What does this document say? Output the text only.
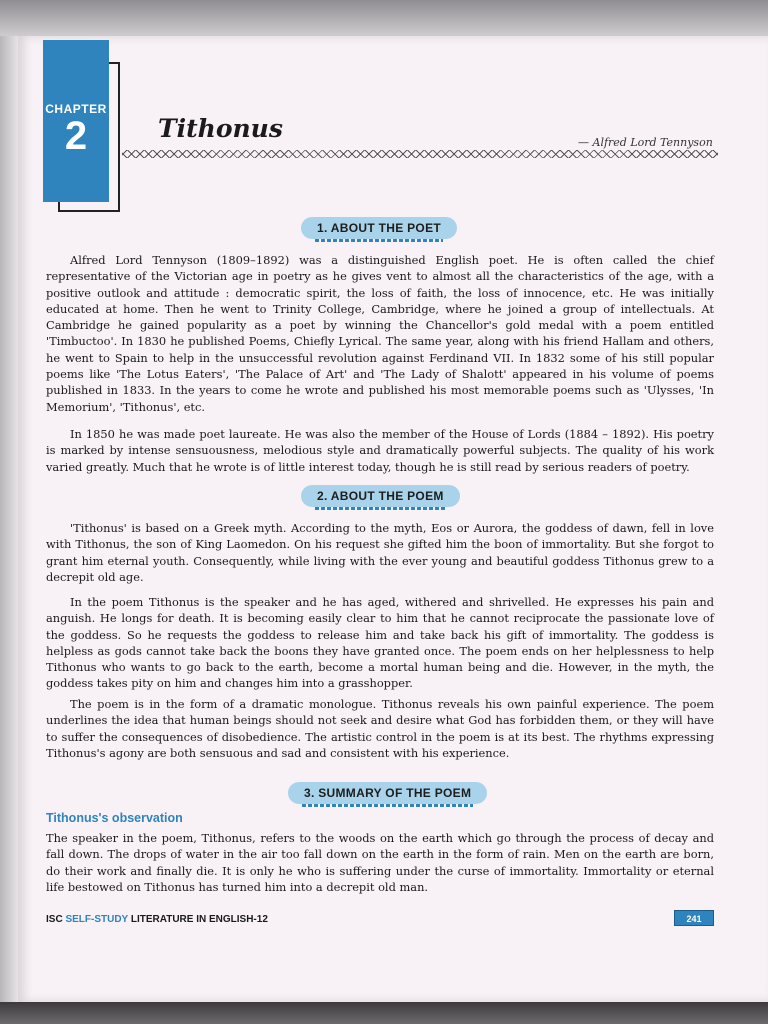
CHAPTER
2	Tithonus	— Alfred Lord Tennyson
1. ABOUT THE POET

Alfred Lord Tennyson (1809–1892) was a distinguished English poet. He is often called the chief representative of the Victorian age in poetry as he gives vent to almost all the characteristics of the age, with a positive outlook and attitude : democratic spirit, the loss of faith, the loss of innocence, etc. He was initially educated at home. Then he went to Trinity College, Cambridge, where he joined a group of intellectuals. At Cambridge he gained popularity as a poet by winning the Chancellor's gold medal with a poem entitled 'Timbuctoo'. In 1830 he published Poems, Chiefly Lyrical. The same year, along with his friend Hallam and others, he went to Spain to help in the unsuccessful revolution against Ferdinand VII. In 1832 some of his still popular poems like 'The Lotus Eaters', 'The Palace of Art' and 'The Lady of Shalott' appeared in his volume of poems published in 1833. In the years to come he wrote and published his most memorable poems such as 'Ulysses, 'In Memorium', 'Tithonus', etc.

In 1850 he was made poet laureate. He was also the member of the House of Lords (1884 – 1892). His poetry is marked by intense sensuousness, melodious style and dramatically powerful subjects. The quality of his work varied greatly. Much that he wrote is of little interest today, though he is still read by serious readers of poetry.

2. ABOUT THE POEM

'Tithonus' is based on a Greek myth. According to the myth, Eos or Aurora, the goddess of dawn, fell in love with Tithonus, the son of King Laomedon. On his request she gifted him the boon of immortality. But she forgot to grant him eternal youth. Consequently, while living with the ever young and beautiful goddess Tithonus grew to a decrepit old age.

In the poem Tithonus is the speaker and he has aged, withered and shrivelled. He expresses his pain and anguish. He longs for death. It is becoming easily clear to him that he cannot reciprocate the passionate love of the goddess. So he requests the goddess to release him and take back his gift of immortality. The goddess is helpless as gods cannot take back the boons they have granted once. The poem ends on her helplessness to help Tithonus who wants to go back to the earth, become a mortal human being and die. However, in the myth, the goddess takes pity on him and changes him into a grasshopper.

The poem is in the form of a dramatic monologue. Tithonus reveals his own painful experience. The poem underlines the idea that human beings should not seek and desire what God has forbidden them, or they will have to suffer the consequences of disobedience. The artistic control in the poem is at its best. The rhythms expressing Tithonus's agony are both sensuous and sad and consistent with his experience.

3. SUMMARY OF THE POEM
Tithonus's observation

The speaker in the poem, Tithonus, refers to the woods on the earth which go through the process of decay and fall down. The drops of water in the air too fall down on the earth in the form of rain. Men on the earth are born, do their work and finally die. It is only he who is suffering under the curse of immortality. Immortality or eternal life bestowed on Tithonus has turned him into a decrepit old man.

ISC SELF-STUDY LITERATURE IN ENGLISH-12	241
